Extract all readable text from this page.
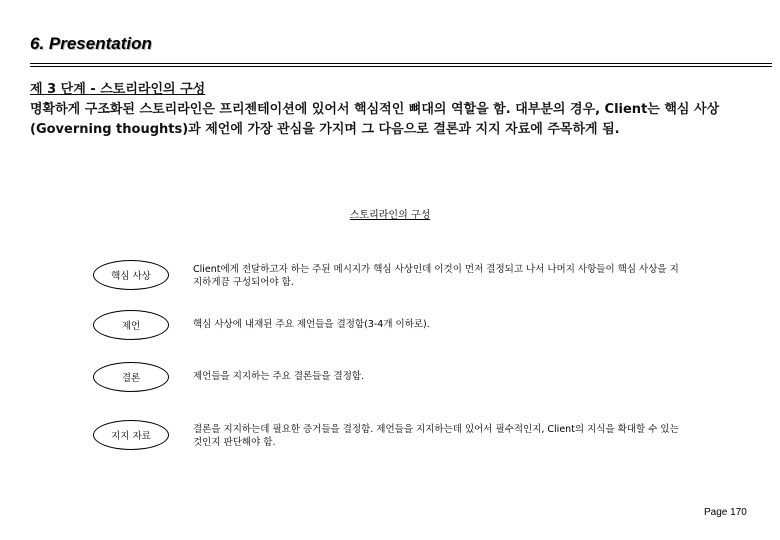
6. Presentation
제 3 단계 - 스토리라인의 구성
명확하게 구조화된 스토리라인은 프리젠테이션에 있어서 핵심적인 뼈대의 역할을 함. 대부분의 경우, Client는 핵심 사상(Governing thoughts)과 제언에 가장 관심을 가지며 그 다음으로 결론과 지지 자료에 주목하게 됨.
스토리라인의 구성
핵심 사상
Client에게 전달하고자 하는 주된 메시지가 핵심 사상인데 이것이 먼저 결정되고 나서 나머지 사항들이 핵심 사상을 지지하게끔 구성되어야 함.
제언	핵심 사상에 내재된 주요 제언들을 결정함(3-4개 이하로).
결론	제언들을 지지하는 주요 결론들을 결정함.
지지 자료
결론을 지지하는데 필요한 증거들을 결정함. 제언들을 지지하는데 있어서 필수적인지, Client의 지식을 확대할 수 있는 것인지 판단해야 함.
Page 170
